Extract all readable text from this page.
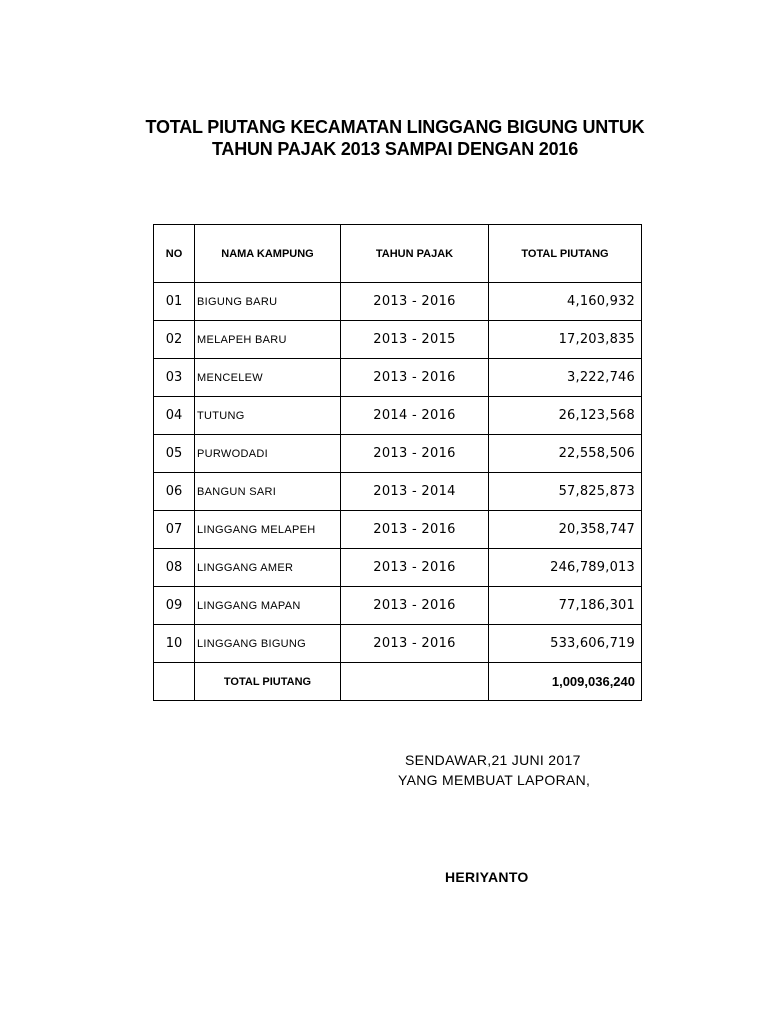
TOTAL PIUTANG KECAMATAN LINGGANG BIGUNG UNTUK
TAHUN PAJAK 2013 SAMPAI DENGAN 2016
NO	NAMA KAMPUNG	TAHUN PAJAK	TOTAL PIUTANG
01	BIGUNG BARU	2013 - 2016	4,160,932
02	MELAPEH BARU	2013 - 2015	17,203,835
03	MENCELEW	2013 - 2016	3,222,746
04	TUTUNG	2014 - 2016	26,123,568
05	PURWODADI	2013 - 2016	22,558,506
06	BANGUN SARI	2013 - 2014	57,825,873
07	LINGGANG MELAPEH	2013 - 2016	20,358,747
08	LINGGANG AMER	2013 - 2016	246,789,013
09	LINGGANG MAPAN	2013 - 2016	77,186,301
10	LINGGANG BIGUNG	2013 - 2016	533,606,719
	TOTAL PIUTANG		1,009,036,240
SENDAWAR,21 JUNI 2017
YANG MEMBUAT LAPORAN,
HERIYANTO
